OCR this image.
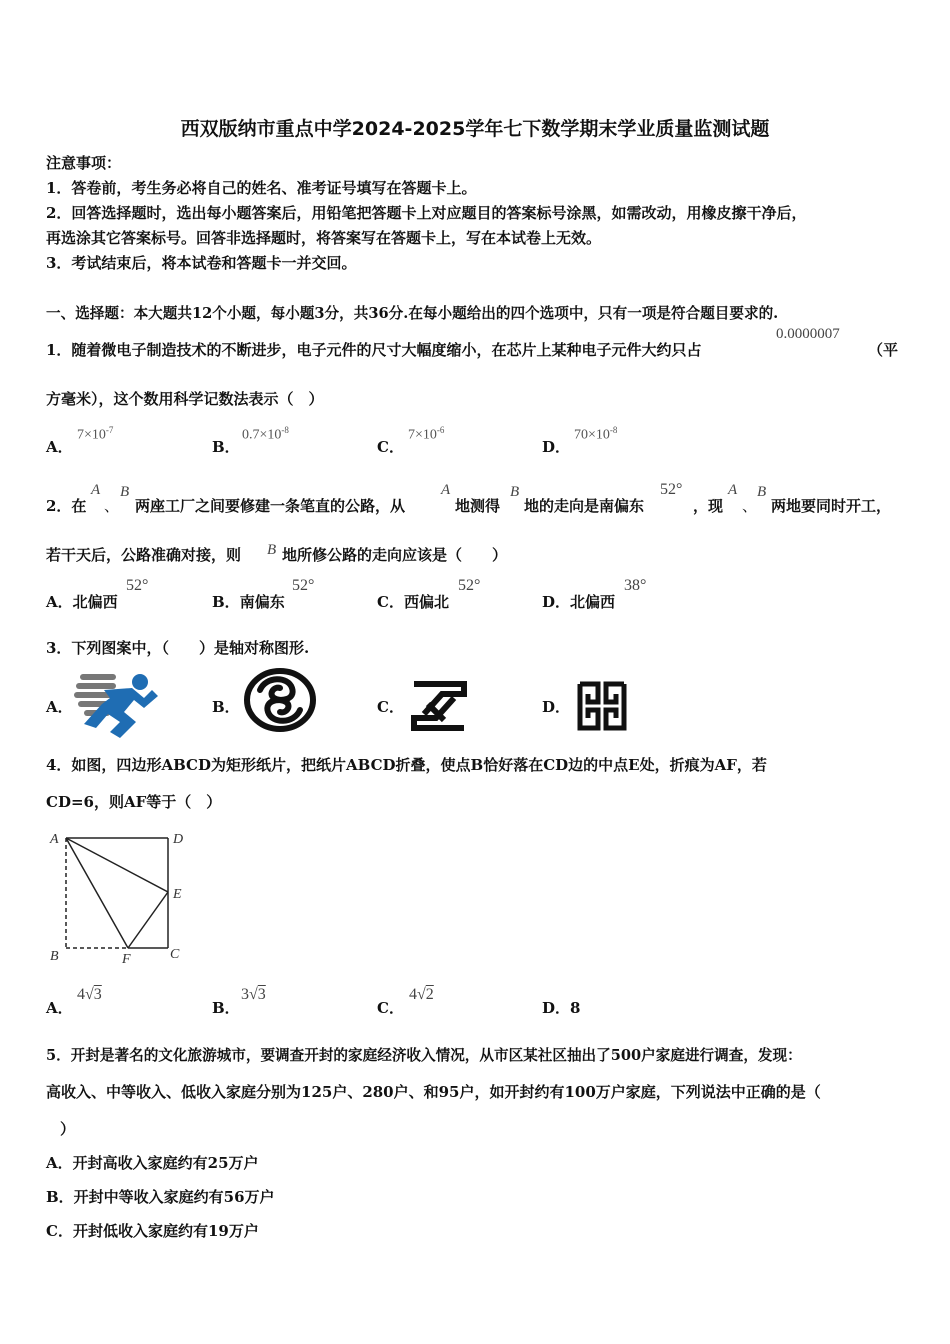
西双版纳市重点中学2024-2025学年七下数学期末学业质量监测试题
注意事项：
1．答卷前，考生务必将自己的姓名、准考证号填写在答题卡上。
2．回答选择题时，选出每小题答案后，用铅笔把答题卡上对应题目的答案标号涂黑，如需改动，用橡皮擦干净后，
再选涂其它答案标号。回答非选择题时，将答案写在答题卡上，写在本试卷上无效。
3．考试结束后，将本试卷和答题卡一并交回。
一、选择题：本大题共12个小题，每小题3分，共36分.在每小题给出的四个选项中，只有一项是符合题目要求的.
1．随着微电子制造技术的不断进步，电子元件的尺寸大幅度缩小，在芯片上某种电子元件大约只占
0.0000007
（平
方毫米），这个数用科学记数法表示（　）
A．
$7\times 10^{-7}$
B．
$0.7\times 10^{-8}$
C．
$7\times 10^{-6}$
D．
$70\times 10^{-8}$
2．在
A
、
B
两座工厂之间要修建一条笔直的公路，从
A
地测得
B
地的走向是南偏东
52°
，现
A
、
B
两地要同时开工，
若干天后，公路准确对接，则 B 地所修公路的走向应该是（　　）
A．北偏西
52°
B．南偏东
52°
C．西偏北
52°
D．北偏西
38°
3．下列图案中，（　　）是轴对称图形.
A．	B．	C．	D．
4．如图，四边形ABCD为矩形纸片，把纸片ABCD折叠，使点B恰好落在CD边的中点E处，折痕为AF，若
CD=6，则AF等于（　）
A	D
E
B	F	C
A．
4√3
B．
3√3
C．
4√2
D．8
5．开封是著名的文化旅游城市，要调查开封的家庭经济收入情况，从市区某社区抽出了500户家庭进行调查，发现：
高收入、中等收入、低收入家庭分别为125户、280户、和95户，如开封约有100万户家庭，下列说法中正确的是（
）
A．开封高收入家庭约有25万户
B．开封中等收入家庭约有56万户
C．开封低收入家庭约有19万户
